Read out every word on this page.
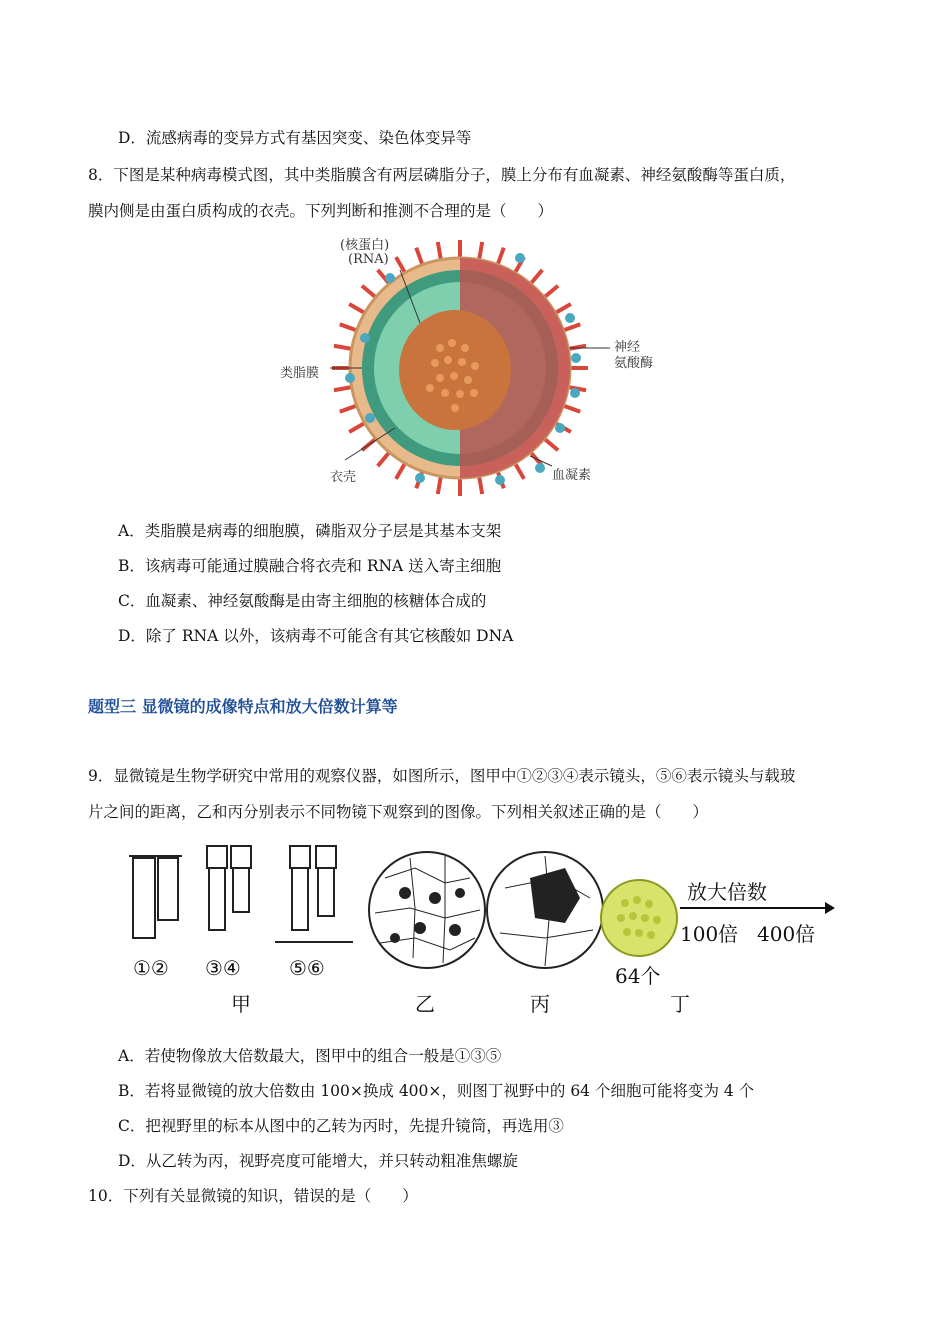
D．流感病毒的变异方式有基因突变、染色体变异等
8．下图是某种病毒模式图，其中类脂膜含有两层磷脂分子，膜上分布有血凝素、神经氨酸酶等蛋白质，
膜内侧是由蛋白质构成的衣壳。下列判断和推测不合理的是（　　）
(核蛋白)
(RNA)
类脂膜
神经
氨酸酶
衣壳	血凝素
A．类脂膜是病毒的细胞膜，磷脂双分子层是其基本支架
B．该病毒可能通过膜融合将衣壳和 RNA 送入寄主细胞
C．血凝素、神经氨酸酶是由寄主细胞的核糖体合成的
D．除了 RNA 以外，该病毒不可能含有其它核酸如 DNA
题型三 显微镜的成像特点和放大倍数计算等
9．显微镜是生物学研究中常用的观察仪器，如图所示，图甲中①②③④表示镜头，⑤⑥表示镜头与载玻
片之间的距离，乙和丙分别表示不同物镜下观察到的图像。下列相关叙述正确的是（　　）
①② ③④ ⑤⑥
甲	乙	丙	丁
64个
放大倍数
100倍 400倍
A．若使物像放大倍数最大，图甲中的组合一般是①③⑤
B．若将显微镜的放大倍数由 100×换成 400×，则图丁视野中的 64 个细胞可能将变为 4 个
C．把视野里的标本从图中的乙转为丙时，先提升镜筒，再选用③
D．从乙转为丙，视野亮度可能增大，并只转动粗准焦螺旋
10．下列有关显微镜的知识，错误的是（　　）
